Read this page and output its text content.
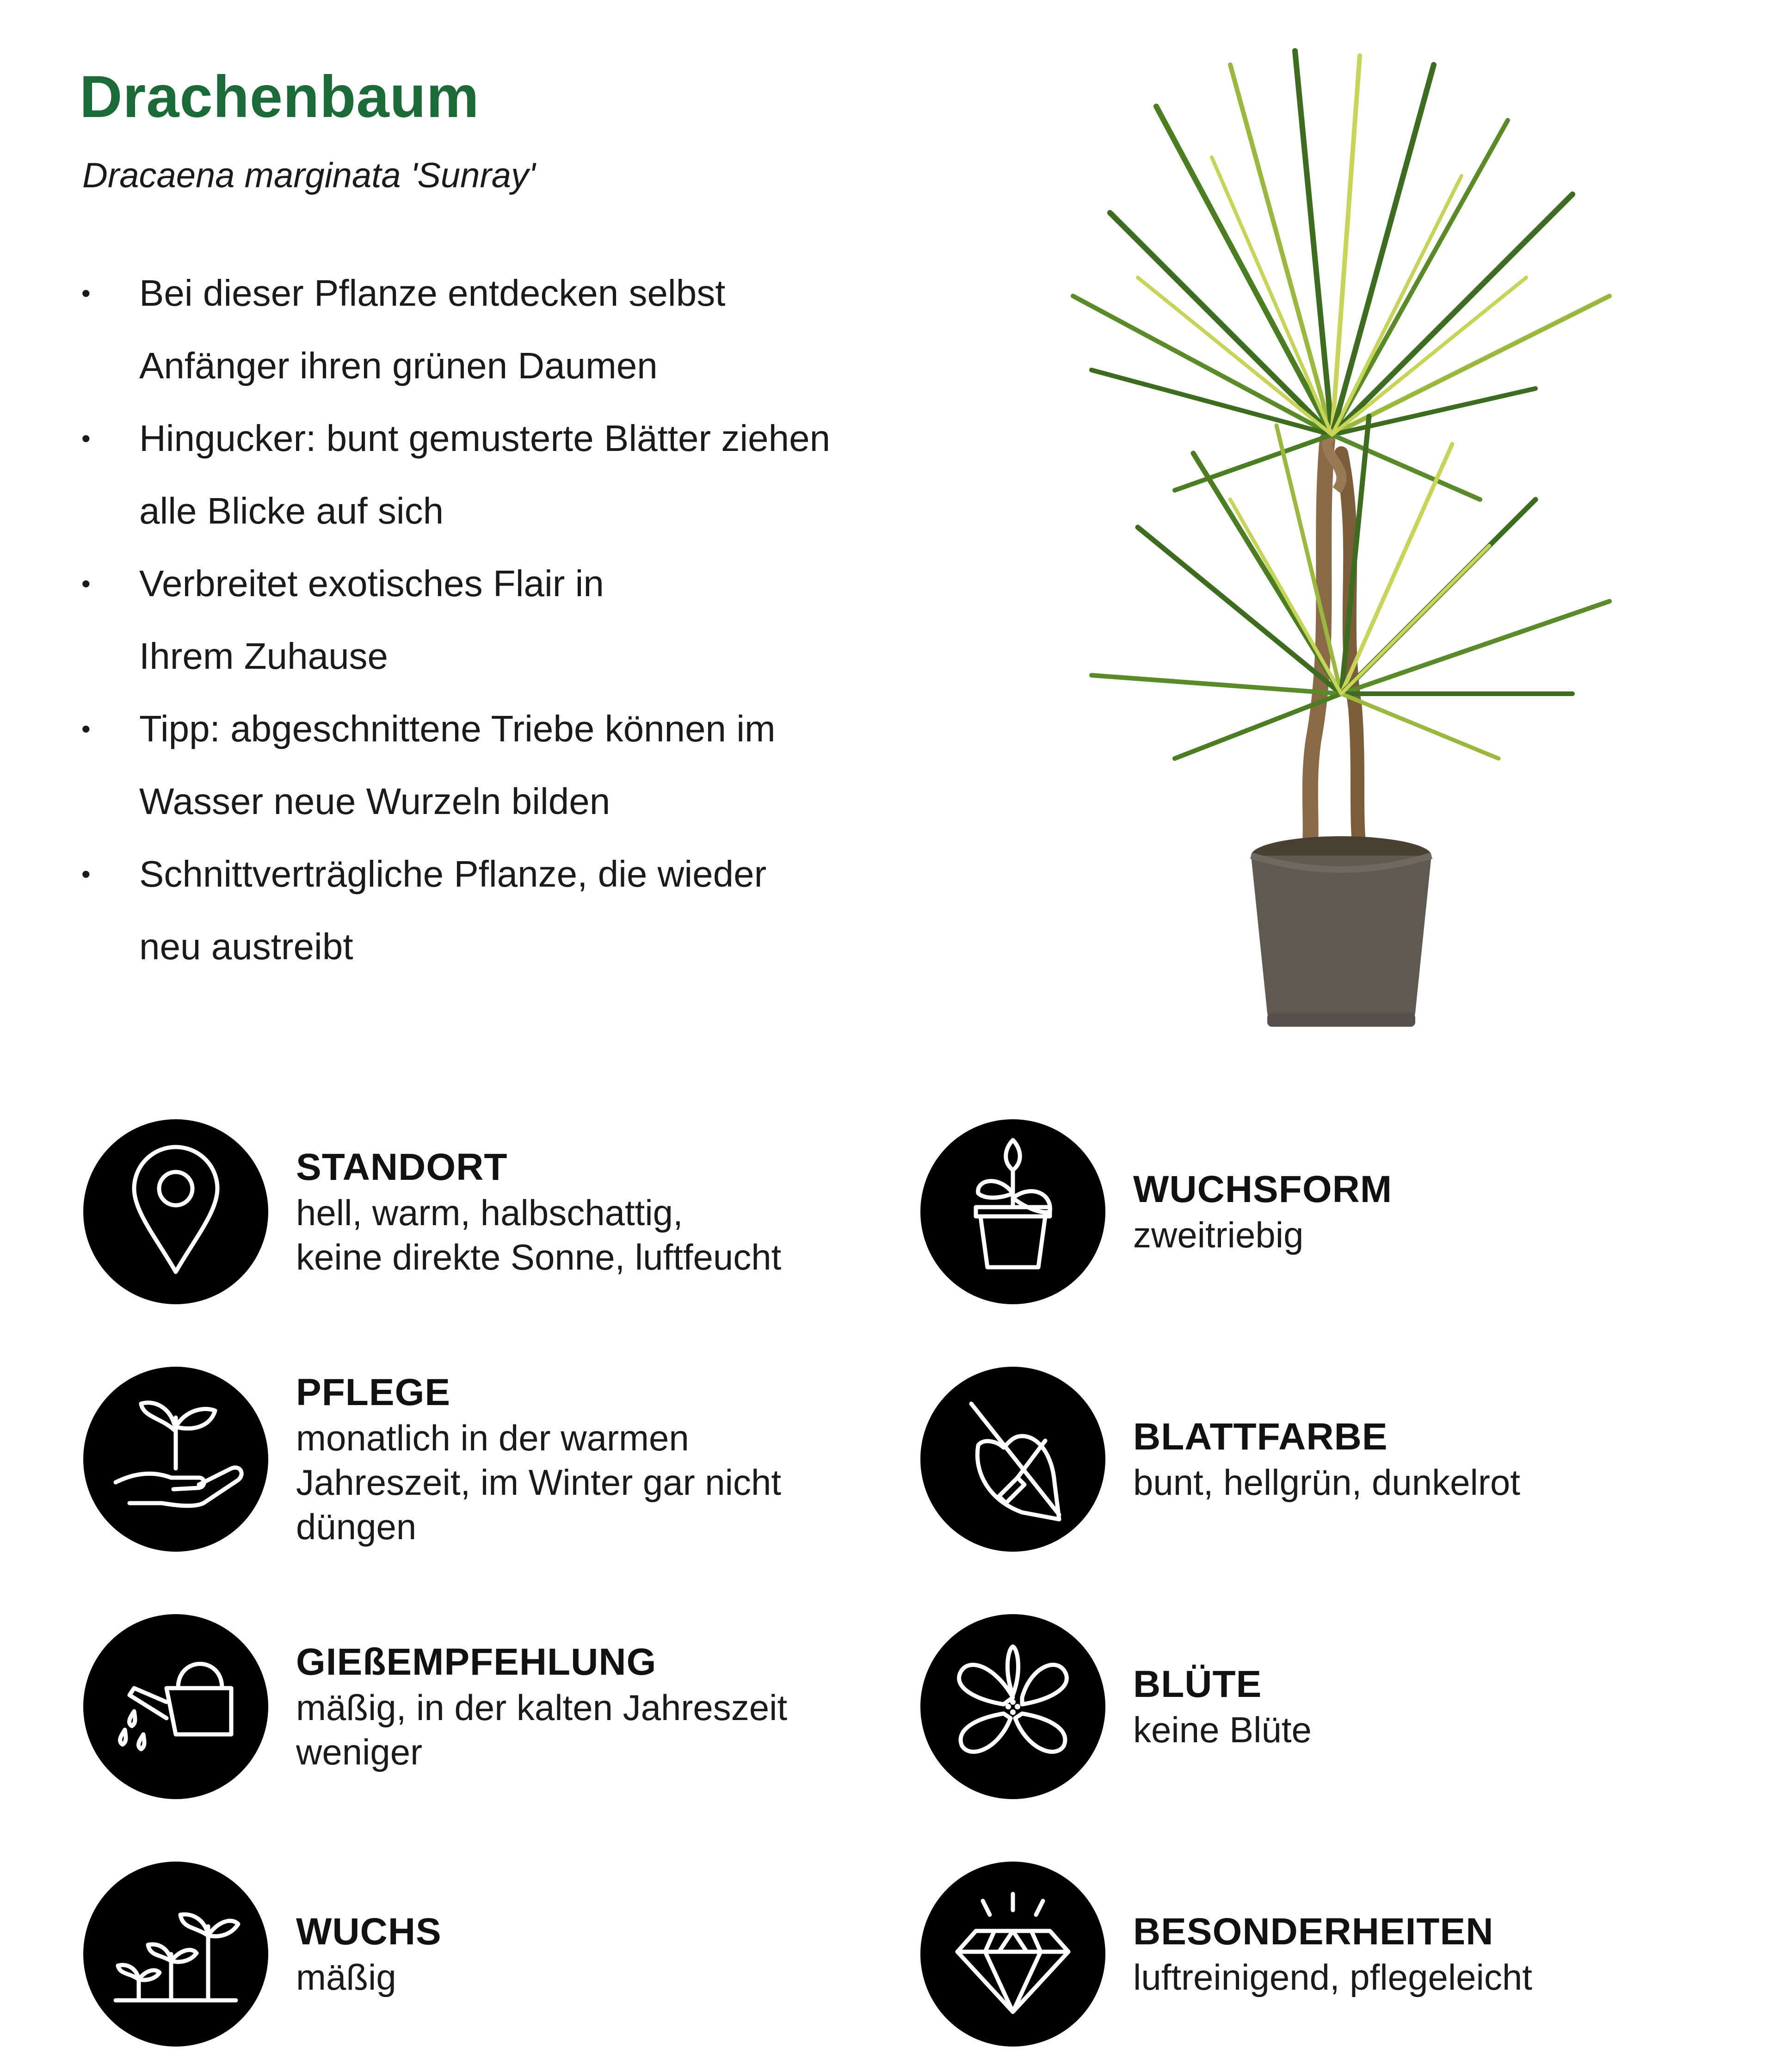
Drachenbaum
Dracaena marginata 'Sunray'
• Bei dieser Pflanze entdecken selbst
Anfänger ihren grünen Daumen
• Hingucker: bunt gemusterte Blätter ziehen
alle Blicke auf sich
• Verbreitet exotisches Flair in
Ihrem Zuhause
• Tipp: abgeschnittene Triebe können im
Wasser neue Wurzeln bilden
• Schnittverträgliche Pflanze, die wieder
neu austreibt
STANDORT
hell, warm, halbschattig,
keine direkte Sonne, luftfeucht
WUCHSFORM
zweitriebig
PFLEGE
monatlich in der warmen
Jahreszeit, im Winter gar nicht
düngen
BLATTFARBE
bunt, hellgrün, dunkelrot
GIEßEMPFEHLUNG
mäßig, in der kalten Jahreszeit
weniger
BLÜTE
keine Blüte
WUCHS
mäßig
BESONDERHEITEN
luftreinigend, pflegeleicht
